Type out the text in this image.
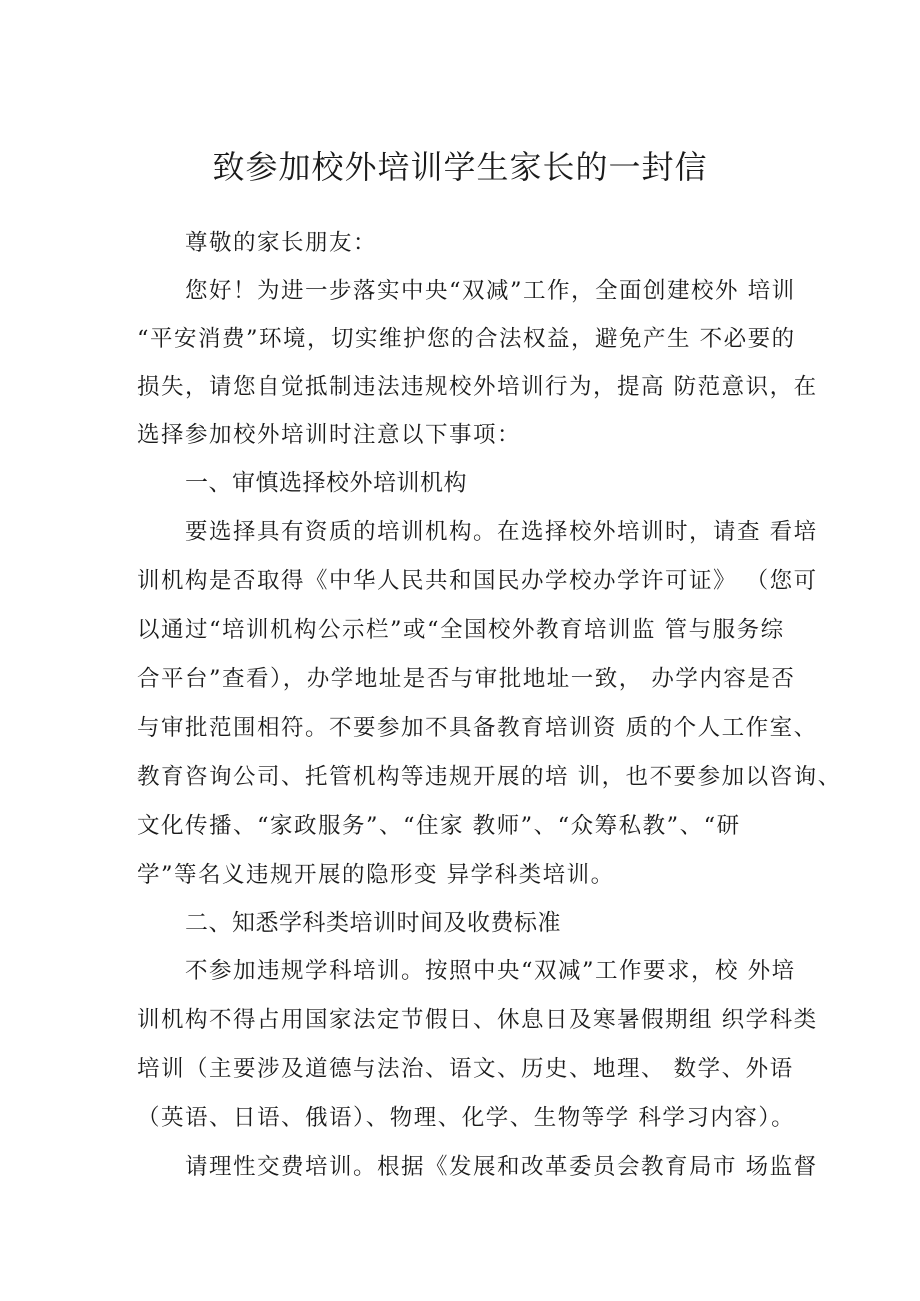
致参加校外培训学生家长的一封信
尊敬的家长朋友：
您好！为进一步落实中央“双减”工作，全面创建校外 培训
“平安消费”环境，切实维护您的合法权益，避免产生 不必要的
损失，请您自觉抵制违法违规校外培训行为，提高 防范意识，在
选择参加校外培训时注意以下事项：
一、审慎选择校外培训机构
要选择具有资质的培训机构。在选择校外培训时，请查 看培
训机构是否取得《中华人民共和国民办学校办学许可证》 （您可
以通过“培训机构公示栏”或“全国校外教育培训监 管与服务综
合平台”查看），办学地址是否与审批地址一致， 办学内容是否
与审批范围相符。不要参加不具备教育培训资 质的个人工作室、
教育咨询公司、托管机构等违规开展的培 训，也不要参加以咨询、
文化传播、“家政服务”、“住家 教师”、“众筹私教”、“研
学”等名义违规开展的隐形变 异学科类培训。
二、知悉学科类培训时间及收费标准
不参加违规学科培训。按照中央“双减”工作要求，校 外培
训机构不得占用国家法定节假日、休息日及寒暑假期组 织学科类
培训（主要涉及道德与法治、语文、历史、地理、 数学、外语
（英语、日语、俄语）、物理、化学、生物等学 科学习内容）。
请理性交费培训。根据《发展和改革委员会教育局市 场监督
